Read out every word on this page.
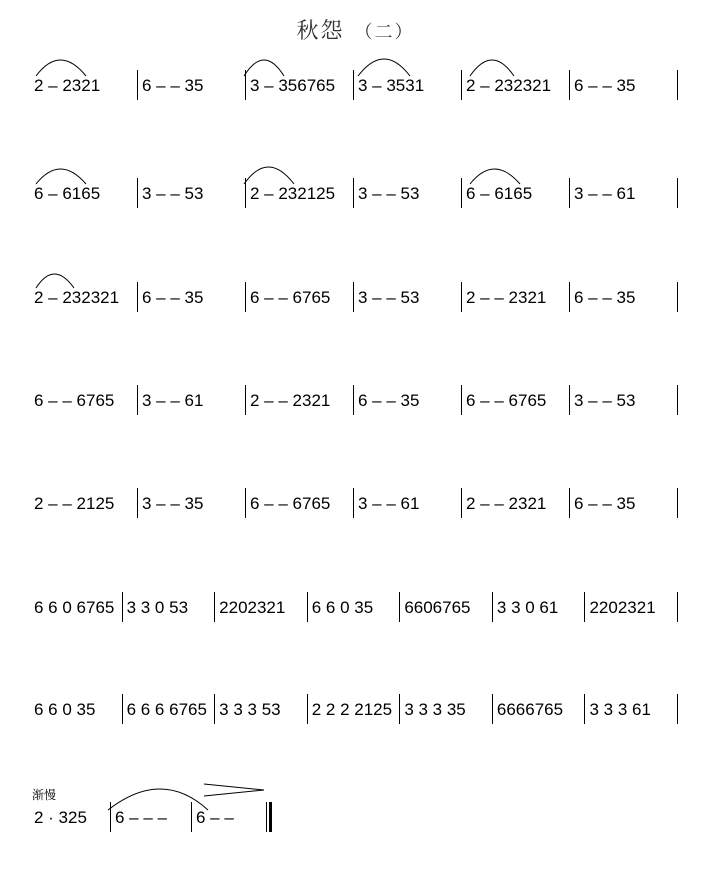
秋怨 （二）
2 – 2321	6 – – 35	3 – 356765	3 – 3531	2 – 232321	6 – – 35
6 – 6165	3 – – 53	2 – 232125	3 – – 53	6 – 6165	3 – – 61
2 – 232321	6 – – 35	6 – – 6765	3 – – 53	2 – – 2321	6 – – 35
6 – – 6765	3 – – 61	2 – – 2321	6 – – 35	6 – – 6765	3 – – 53
2 – – 2125	3 – – 35	6 – – 6765	3 – – 61	2 – – 2321	6 – – 35
6 6 0 6765 3 3 0 53	2202321	6 6 0 35	6606765	3 3 0 61	2202321
6 6 0 35	6 6 6 6765 3 3 3 53	2 2 2 2125 3 3 3 35	6666765	3 3 3 61
渐慢
2 · 325	6 – – –	6 – –
